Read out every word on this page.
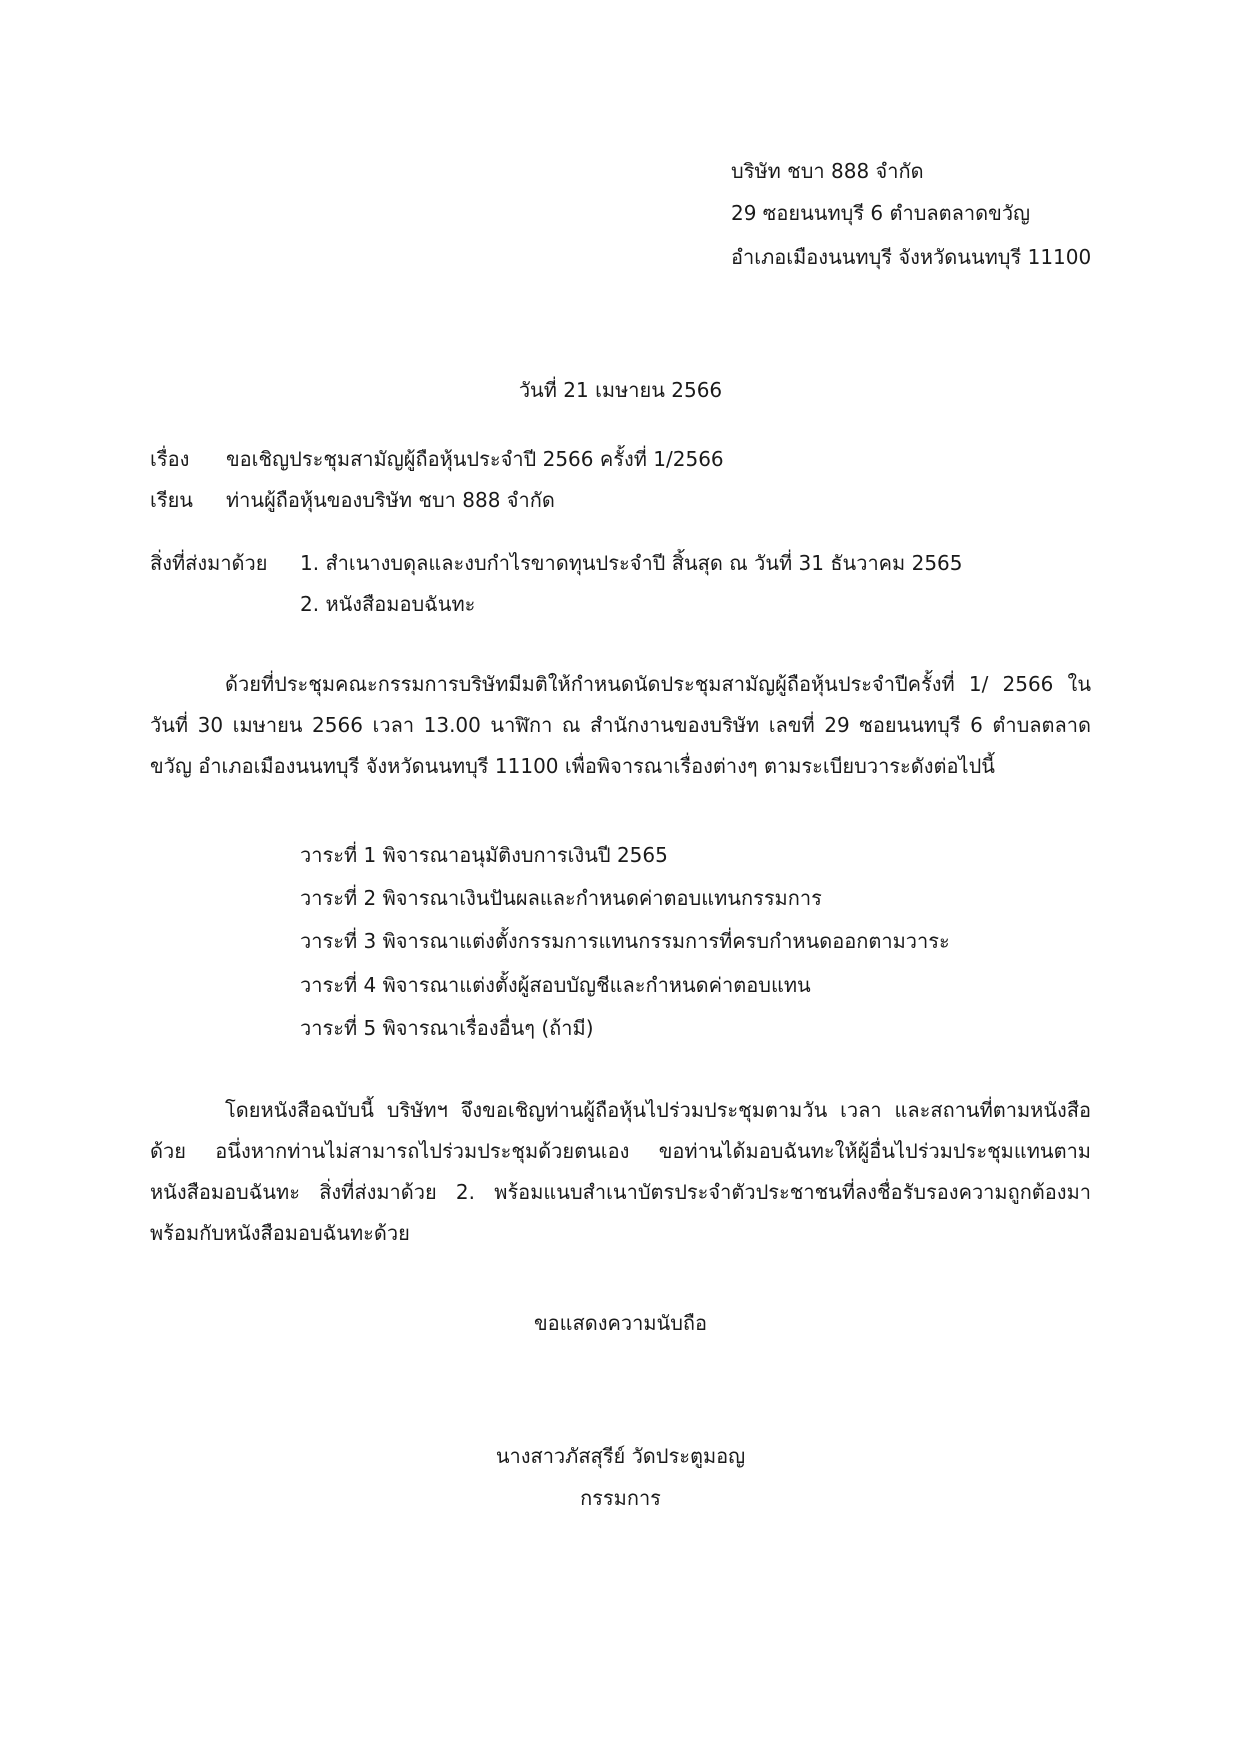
บริษัท ชบา 888 จำกัด
29 ซอยนนทบุรี 6 ตำบลตลาดขวัญ
อำเภอเมืองนนทบุรี จังหวัดนนทบุรี 11100
วันที่ 21 เมษายน 2566
เรื่อง ขอเชิญประชุมสามัญผู้ถือหุ้นประจำปี 2566 ครั้งที่ 1/2566
เรียน ท่านผู้ถือหุ้นของบริษัท ชบา 888 จำกัด
สิ่งที่ส่งมาด้วย 1. สำเนางบดุลและงบกำไรขาดทุนประจำปี สิ้นสุด ณ วันที่ 31 ธันวาคม 2565
2. หนังสือมอบฉันทะ
ด้วยที่ประชุมคณะกรรมการบริษัทมีมติให้กำหนดนัดประชุมสามัญผู้ถือหุ้นประจำปีครั้งที่ 1/ 2566 ในวันที่ 30 เมษายน 2566 เวลา 13.00 นาฬิกา ณ สำนักงานของบริษัท เลขที่ 29 ซอยนนทบุรี 6 ตำบลตลาด ขวัญ อำเภอเมืองนนทบุรี จังหวัดนนทบุรี 11100 เพื่อพิจารณาเรื่องต่างๆ ตามระเบียบวาระดังต่อไปนี้
วาระที่ 1 พิจารณาอนุมัติงบการเงินปี 2565
วาระที่ 2 พิจารณาเงินปันผลและกำหนดค่าตอบแทนกรรมการ
วาระที่ 3 พิจารณาแต่งตั้งกรรมการแทนกรรมการที่ครบกำหนดออกตามวาระ
วาระที่ 4 พิจารณาแต่งตั้งผู้สอบบัญชีและกำหนดค่าตอบแทน
วาระที่ 5 พิจารณาเรื่องอื่นๆ (ถ้ามี)
โดยหนังสือฉบับนี้ บริษัทฯ จึงขอเชิญท่านผู้ถือหุ้นไปร่วมประชุมตามวัน เวลา และสถานที่ตามหนังสือด้วย อนึ่งหากท่านไม่สามารถไปร่วมประชุมด้วยตนเอง ขอท่านได้มอบฉันทะให้ผู้อื่นไปร่วมประชุมแทนตามหนังสือมอบฉันทะ สิ่งที่ส่งมาด้วย 2. พร้อมแนบสำเนาบัตรประจำตัวประชาชนที่ลงชื่อรับรองความถูกต้องมาพร้อมกับหนังสือมอบฉันทะด้วย
ขอแสดงความนับถือ
นางสาวภัสสุรีย์ วัดประตูมอญ
กรรมการ
